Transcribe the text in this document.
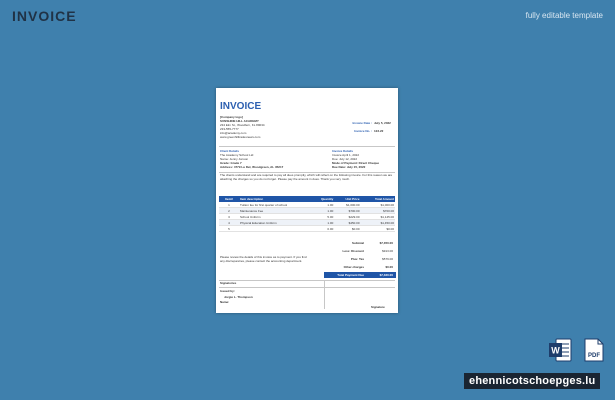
INVOICE	fully editable template
INVOICE
[Company logo]
SUNSHINE HILL ACADEMY
234 Elm St., Woodfern, KL 89034
233-555-7777
info@academy.com
www.greenhilltradesnews.com
Invoice Date : July 5, 2022
Invoice No. : 123-22
Client Details
The Academy School Ltd
Name: Jenny Jonson
Grade: Grade 7
Address: 4779 Lu Del, Woodgreen, AL 35217
Invoice Details
Invoice April 1, 2022
Due: July 12, 2022
Mode of Payment: Direct Cheque
Due Date: July 15, 2022
The clients understand and are required to pay all dues promptly, which will reflect on the following invoice. For this reason we are attaching the charges so you do not forget. Please pay the amount in dues. Thank you very much.
Item#	Item description	Quantity	Unit Price	Total Amount
1	Tuition fee for first quarter of school	1.00	$1,000.00	$1,000.00
2	Maintenance Fee	1.00	$700.00	$700.00
3	School Uniform	5.00	$229.00	$1,145.00
4	Physical Education Uniform	1.00	$450.00	$1,450.00
5		0.00	$0.00	$0.00
Subtotal	$7,350.00
Less: Discount	$913.00
Plus: Tax	$579.00
Other charges	$0.00
Total Payment Due	$7,320.00
Please review the details of this invoice as to payment. If you find any discrepancies, please contact the accounting department.
Signatories
Issued by:
Jorgie L. Thompson
Name:
Signature
W
PDF
ehennicotschoepges.lu
